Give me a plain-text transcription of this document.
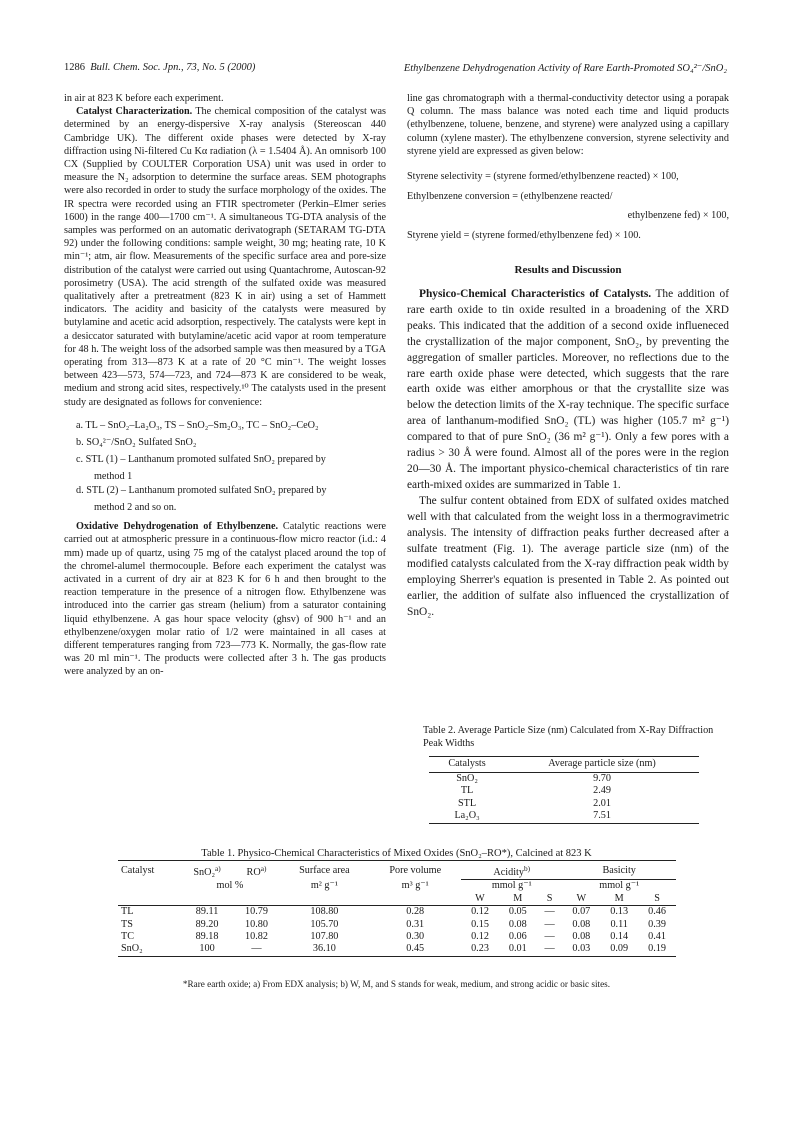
1286 Bull. Chem. Soc. Jpn., 73, No. 5 (2000)	Ethylbenzene Dehydrogenation Activity of Rare Earth-Promoted SO₄²⁻/SnO₂

in air at 823 K before each experiment.

Catalyst Characterization. The chemical composition of the catalyst was determined by an energy-dispersive X-ray analysis (Stereoscan 440 Cambridge UK). The different oxide phases were detected by X-ray diffraction using Ni-filtered Cu Kα radiation (λ = 1.5404 Å). An omnisorb 100 CX (Supplied by COULTER Corporation USA) unit was used in order to measure the N₂ adsorption to determine the surface areas. SEM photographs were also recorded in order to study the surface morphology of the oxides. The IR spectra were recorded using an FTIR spectrometer (Perkin–Elmer series 1600) in the range 400—1700 cm⁻¹. A simultaneous TG-DTA analysis of the samples was performed on an automatic derivatograph (SETARAM TG-DTA 92) under the following conditions: sample weight, 30 mg; heating rate, 10 K min⁻¹; atm, air flow. Measurements of the specific surface area and pore-size distribution of the catalyst were carried out using Quantachrome, Autoscan-92 porosimetry (USA). The acid strength of the sulfated oxide was measured qualitatively after a pretreatment (823 K in air) using a set of Hammett indicators. The acidity and basicity of the catalysts were measured by butylamine and acetic acid adsorption, respectively. The catalysts were kept in a desiccator saturated with butylamine/acetic acid vapor at room temperature for 48 h. The weight loss of the adsorbed sample was then measured by a TGA operating from 313—873 K at a rate of 20 °C min⁻¹. The weight losses between 423—573, 574—723, and 724—873 K are considered to be weak, medium and strong acid sites, respectively.¹⁰ The catalysts used in the present study are designated as follows for convenience:

a. TL – SnO₂–La₂O₃, TS – SnO₂–Sm₂O₃, TC – SnO₂–CeO₂

b. SO₄²⁻/SnO₂ Sulfated SnO₂

c. STL (1) – Lanthanum promoted sulfated SnO₂ prepared by

method 1

d. STL (2) – Lanthanum promoted sulfated SnO₂ prepared by

method 2 and so on.

Oxidative Dehydrogenation of Ethylbenzene. Catalytic reactions were carried out at atmospheric pressure in a continuous-flow micro reactor (i.d.: 4 mm) made up of quartz, using 75 mg of the catalyst placed around the top of the chromel-alumel thermocouple. Before each experiment the catalyst was activated in a current of dry air at 823 K for 6 h and then brought to the reaction temperature in the presence of a nitrogen flow. Ethylbenzene was introduced into the carrier gas stream (helium) from a saturator containing liquid ethylbenzene. A gas hour space velocity (ghsv) of 900 h⁻¹ and an ethylbenzene/oxygen molar ratio of 1/2 were maintained in all cases at different temperatures ranging from 723—773 K. Normally, the gas-flow rate was 20 ml min⁻¹. The products were collected after 3 h. The gas products were analyzed by an on-

line gas chromatograph with a thermal-conductivity detector using a porapak Q column. The mass balance was noted each time and liquid products (ethylbenzene, toluene, benzene, and styrene) were analyzed using a capillary column (xylene master). The ethylbenzene conversion, styrene selectivity and styrene yield are expressed as given below:

Styrene selectivity = (styrene formed/ethylbenzene reacted) × 100,

Ethylbenzene conversion = (ethylbenzene reacted/

ethylbenzene fed) × 100,

Styrene yield = (styrene formed/ethylbenzene fed) × 100.

Results and Discussion

Physico-Chemical Characteristics of Catalysts. The addition of rare earth oxide to tin oxide resulted in a broadening of the XRD peaks. This indicated that the addition of a second oxide influeneced the crystallization of the major component, SnO₂, by preventing the aggregation of smaller particles. Moreover, no reflections due to the rare earth oxide phase were detected, which suggests that the rare earth oxide was either amorphous or that the crystallite size was below the detection limits of the X-ray technique. The specific surface area of lanthanum-modified SnO₂ (TL) was higher (105.7 m² g⁻¹) compared to that of pure SnO₂ (36 m² g⁻¹). Only a few pores with a radius > 30 Å were found. Almost all of the pores were in the region 20—30 Å. The important physico-chemical characteristics of tin rare earth-mixed oxides are summarized in Table 1.

The sulfur content obtained from EDX of sulfated oxides matched well with that calculated from the weight loss in a thermogravimetric analysis. The intensity of diffraction peaks further decreased after a sulfate treatment (Fig. 1). The average particle size (nm) of the modified catalysts calculated from the X-ray diffraction peak width by employing Sherrer's equation is presented in Table 2. As pointed out earlier, the addition of sulfate also influenced the crystallization of SnO₂.

Table 2. Average Particle Size (nm) Calculated from X-Ray Diffraction Peak Widths
Catalysts	Average particle size (nm)
SnO₂	9.70
TL	2.49
STL	2.01
La₂O₃	7.51
Table 1. Physico-Chemical Characteristics of Mixed Oxides (SnO₂–RO*), Calcined at 823 K
Catalyst	SnO₂$^{a)}$	RO$^{a)}$	Surface area	Pore volume	Acidity$^{b)}$			Basicity		
	mol %		m² g⁻¹	m³ g⁻¹	mmol g⁻¹			mmol g⁻¹		
					W	M	S	W	M	S
TL	89.11	10.79	108.80	0.28	0.12	0.05	—	0.07	0.13	0.46
TS	89.20	10.80	105.70	0.31	0.15	0.08	—	0.08	0.11	0.39
TC	89.18	10.82	107.80	0.30	0.12	0.06	—	0.08	0.14	0.41
SnO₂	100	—	36.10	0.45	0.23	0.01	—	0.03	0.09	0.19
*Rare earth oxide; a) From EDX analysis; b) W, M, and S stands for weak, medium, and strong acidic or basic sites.
